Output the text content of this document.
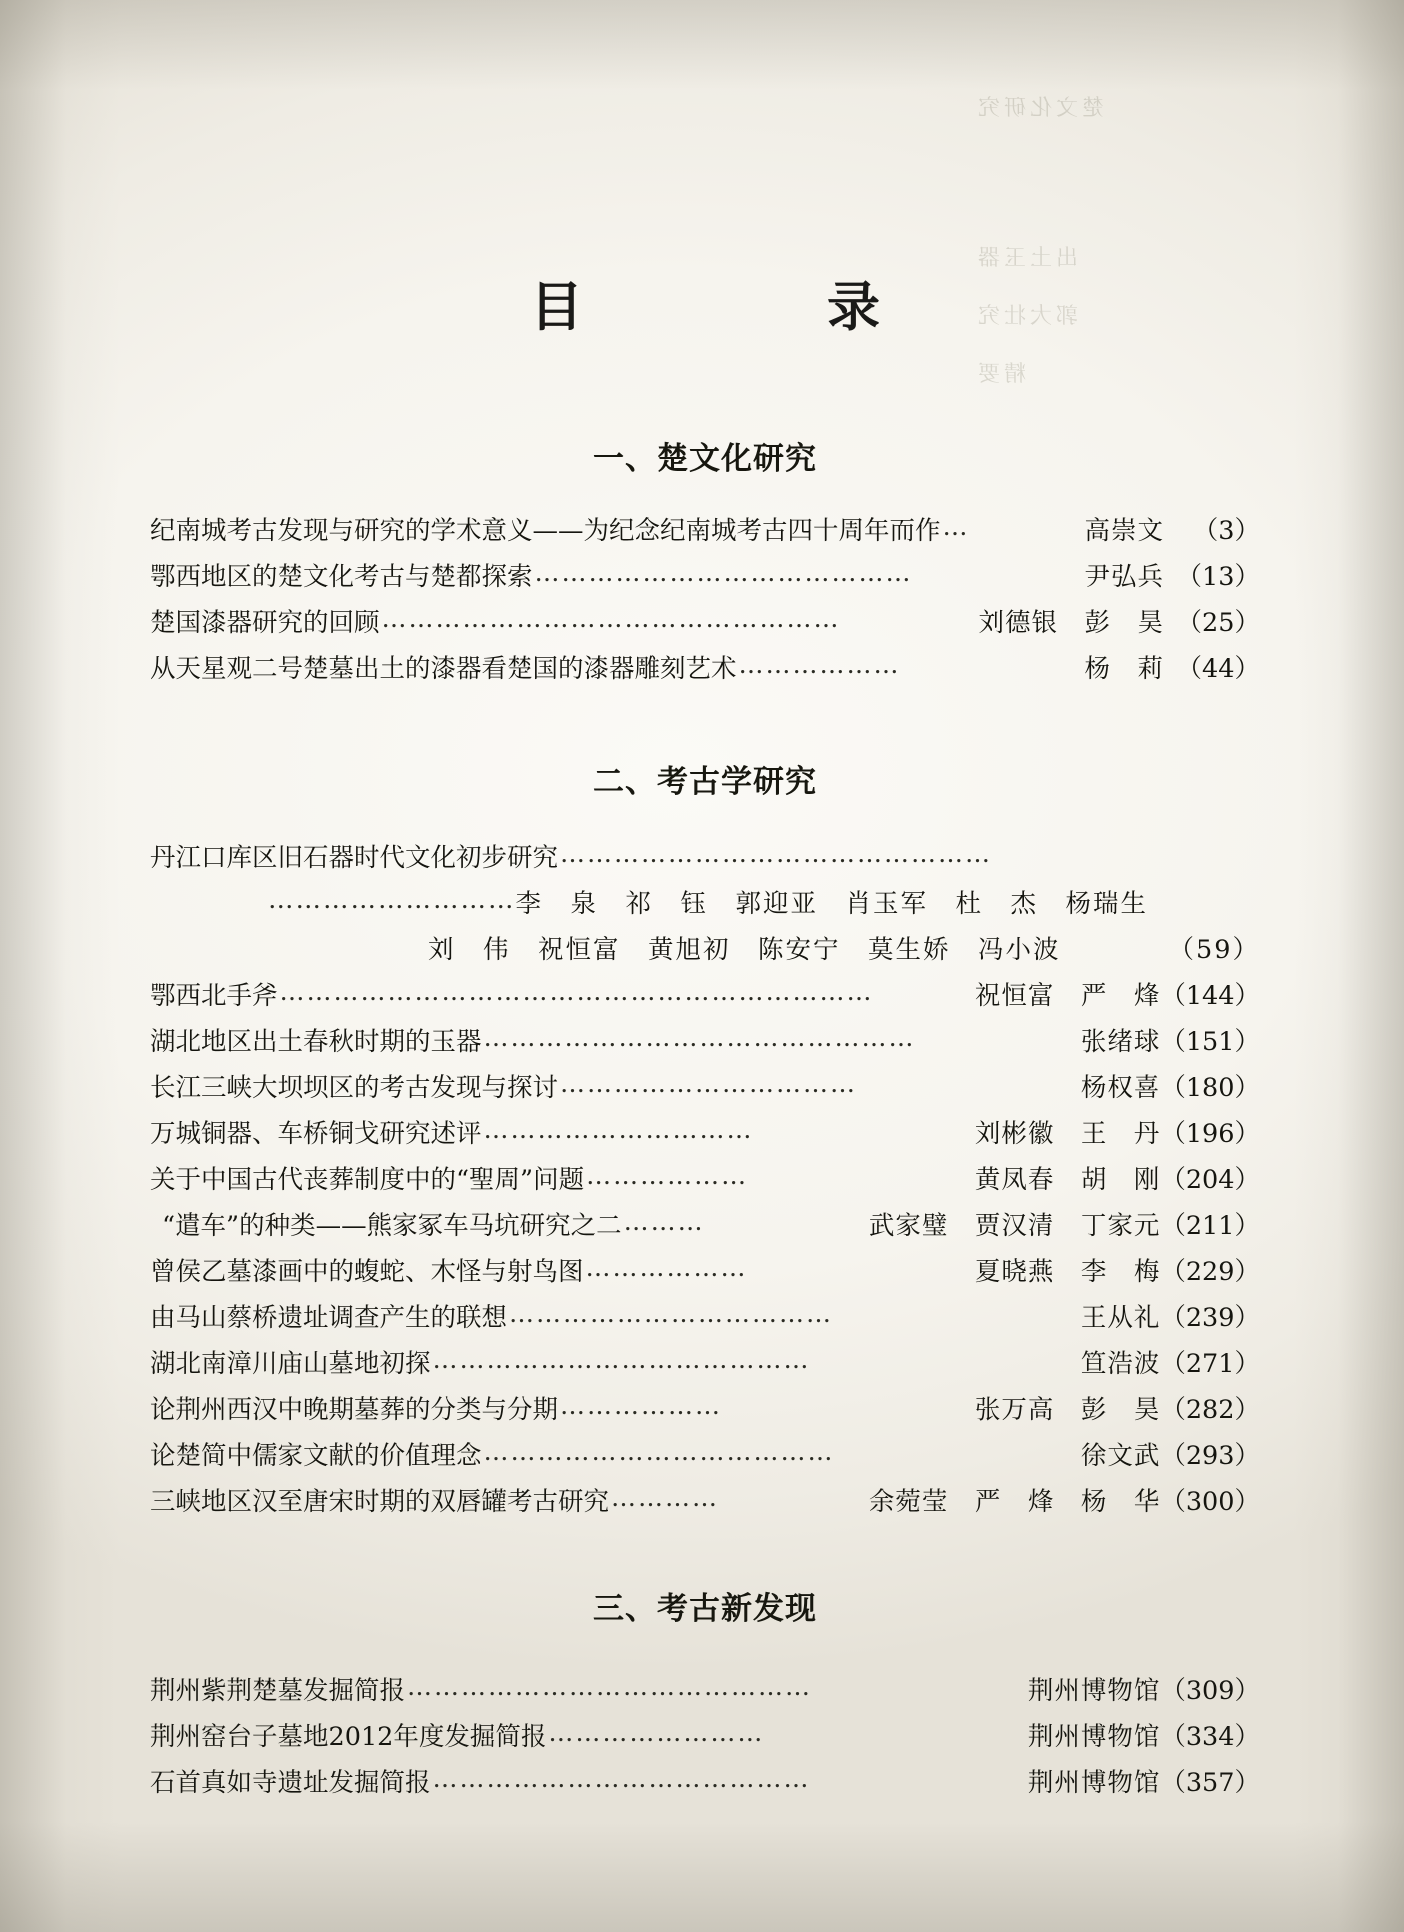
楚文化研究
出土玉器
郭大壮究
精要
目　　录
一、楚文化研究
纪南城考古发现与研究的学术意义——为纪念纪南城考古四十周年而作 …	高崇文	（3）
鄂西地区的楚文化考古与楚都探索 ……………………………………	尹弘兵 （13）
楚国漆器研究的回顾 ……………………………………………	刘德银　彭　昊 （25）
从天星观二号楚墓出土的漆器看楚国的漆器雕刻艺术 ………………	杨　莉 （44）
二、考古学研究
丹江口库区旧石器时代文化初步研究 …………………………………………
……………………… 李　泉　祁　钰　郭迎亚　肖玉军　杜　杰　杨瑞生
刘　伟　祝恒富　黄旭初　陈安宁　莫生娇　冯小波	（59）
鄂西北手斧 …………………………………………………………	祝恒富　严　烽 （144）
湖北地区出土春秋时期的玉器 …………………………………………	张绪球 （151）
长江三峡大坝坝区的考古发现与探讨 ……………………………	杨权喜 （180）
万城铜器、车桥铜戈研究述评 …………………………	刘彬徽　王　丹 （196）
关于中国古代丧葬制度中的“聖周”问题 ………………	黄凤春　胡　刚 （204）
“遣车”的种类——熊家冢车马坑研究之二 ………	武家璧　贾汉清　丁家元 （211）
曾侯乙墓漆画中的蝮蛇、木怪与射鸟图 ………………	夏晓燕　李　梅 （229）
由马山蔡桥遗址调查产生的联想 ………………………………	王从礼 （239）
湖北南漳川庙山墓地初探 ……………………………………	笪浩波 （271）
论荆州西汉中晚期墓葬的分类与分期 ………………	张万高　彭　昊 （282）
论楚简中儒家文献的价值理念 …………………………………	徐文武 （293）
三峡地区汉至唐宋时期的双唇罐考古研究 …………	余菀莹　严　烽　杨　华 （300）
三、考古新发现
荆州紫荆楚墓发掘简报 ………………………………………	荆州博物馆 （309）
荆州窑台子墓地2012年度发掘简报 ……………………	荆州博物馆 （334）
石首真如寺遗址发掘简报 ……………………………………	荆州博物馆 （357）
